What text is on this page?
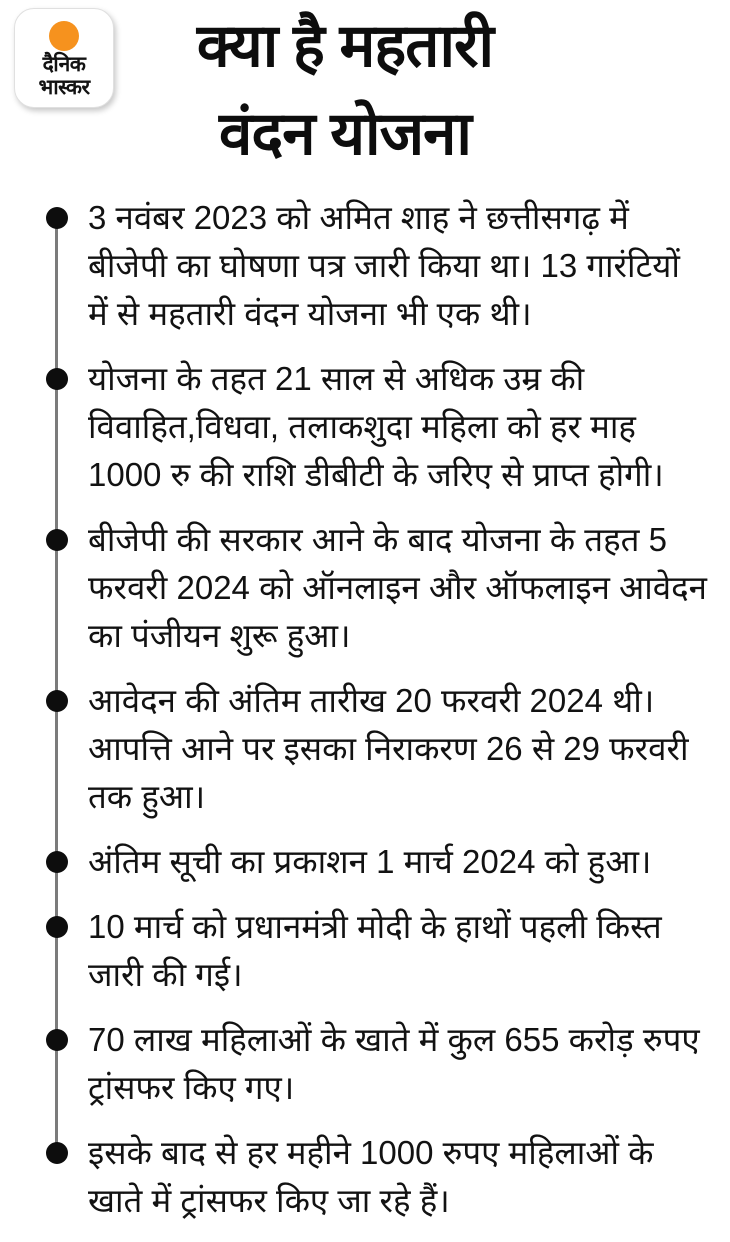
दैनिक
भास्कर
क्या है महतारी
वंदन योजना
3 नवंबर 2023 को अमित शाह ने छत्तीसगढ़ में बीजेपी का घोषणा पत्र जारी किया था। 13 गारंटियों में से महतारी वंदन योजना भी एक थी।
योजना के तहत 21 साल से अधिक उम्र की विवाहित,विधवा, तलाकशुदा महिला को हर माह 1000 रु की राशि डीबीटी के जरिए से प्राप्त होगी।
बीजेपी की सरकार आने के बाद योजना के तहत 5 फरवरी 2024 को ऑनलाइन और ऑफलाइन आवेदन का पंजीयन शुरू हुआ।
आवेदन की अंतिम तारीख 20 फरवरी 2024 थी। आपत्ति आने पर इसका निराकरण 26 से 29 फरवरी तक हुआ।
अंतिम सूची का प्रकाशन 1 मार्च 2024 को हुआ।
10 मार्च को प्रधानमंत्री मोदी के हाथों पहली किस्त जारी की गई।
70 लाख महिलाओं के खाते में कुल 655 करोड़ रुपए ट्रांसफर किए गए।
इसके बाद से हर महीने 1000 रुपए महिलाओं के खाते में ट्रांसफर किए जा रहे हैं।
